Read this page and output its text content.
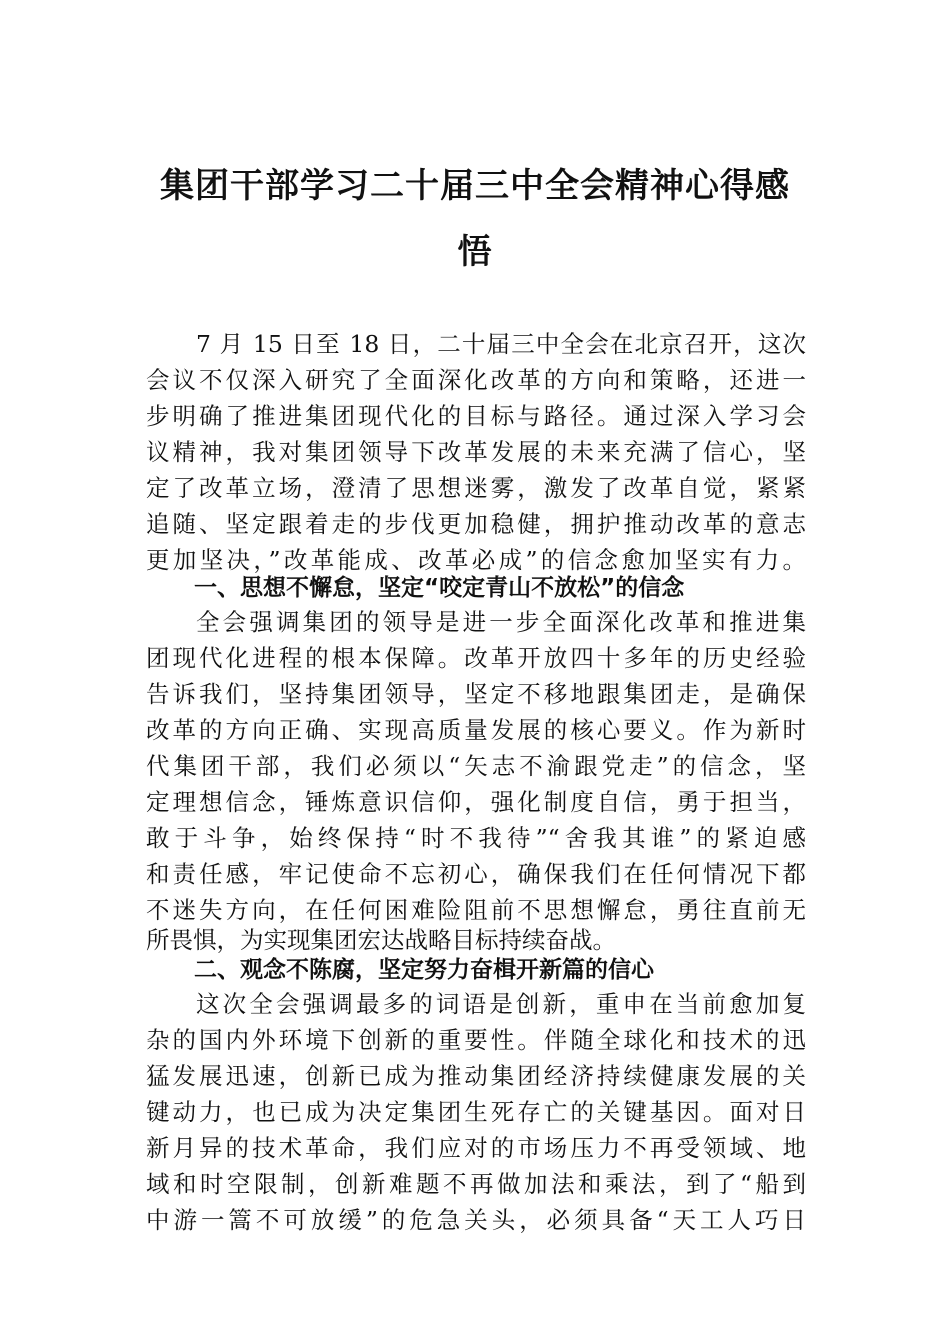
集团干部学习二十届三中全会精神心得感
悟
7 月 15 日至 18 日，二十届三中全会在北京召开，这次
会议不仅深入研究了全面深化改革的方向和策略，还进一
步明确了推进集团现代化的目标与路径。通过深入学习会
议精神，我对集团领导下改革发展的未来充满了信心，坚
定了改革立场，澄清了思想迷雾，激发了改革自觉，紧紧
追随、坚定跟着走的步伐更加稳健，拥护推动改革的意志
更加坚决，”改革能成、改革必成”的信念愈加坚实有力。
一、思想不懈怠，坚定“咬定青山不放松”的信念
全会强调集团的领导是进一步全面深化改革和推进集
团现代化进程的根本保障。改革开放四十多年的历史经验
告诉我们，坚持集团领导，坚定不移地跟集团走，是确保
改革的方向正确、实现高质量发展的核心要义。作为新时
代集团干部，我们必须以“矢志不渝跟党走”的信念，坚
定理想信念，锤炼意识信仰，强化制度自信，勇于担当，
敢于斗争，始终保持“时不我待”“舍我其谁”的紧迫感
和责任感，牢记使命不忘初心，确保我们在任何情况下都
不迷失方向，在任何困难险阻前不思想懈怠，勇往直前无
所畏惧，为实现集团宏达战略目标持续奋战。
二、观念不陈腐，坚定努力奋楫开新篇的信心
这次全会强调最多的词语是创新，重申在当前愈加复
杂的国内外环境下创新的重要性。伴随全球化和技术的迅
猛发展迅速，创新已成为推动集团经济持续健康发展的关
键动力，也已成为决定集团生死存亡的关键基因。面对日
新月异的技术革命，我们应对的市场压力不再受领域、地
域和时空限制，创新难题不再做加法和乘法，到了“船到
中游一篙不可放缓”的危急关头，必须具备“天工人巧日
